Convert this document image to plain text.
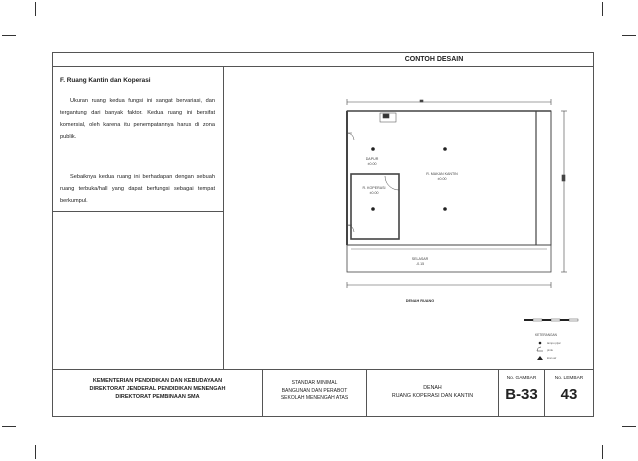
CONTOH DESAIN
F. Ruang Kantin dan Koperasi
Ukuran ruang kedua fungsi ini sangat bervariasi, dan tergantung dari banyak faktor. Kedua ruang ini bersifat komersial, oleh karena itu penempatannya harus di zona publik.
Sebaiknya kedua ruang ini berhadapan dengan sebuah ruang terbuka/hall yang dapat berfungsi sebagai tempat berkumpul.
DAPUR
±0.00
R. MAKAN KANTIN
±0.00
R. KOPERASI
±0.00
SELASAR
-0.15
DENAH RUANG
KETERANGAN
lampu pijar
pintu
kran air
KEMENTERIAN PENDIDIKAN DAN KEBUDAYAAN
DIREKTORAT JENDERAL PENDIDIKAN MENENGAH
DIREKTORAT PEMBINAAN SMA
STANDAR MINIMAL
BANGUNAN DAN PERABOT
SEKOLAH MENENGAH ATAS
DENAH
RUANG KOPERASI DAN KANTIN
No. GAMBAR
B-33
No. LEMBAR
43
